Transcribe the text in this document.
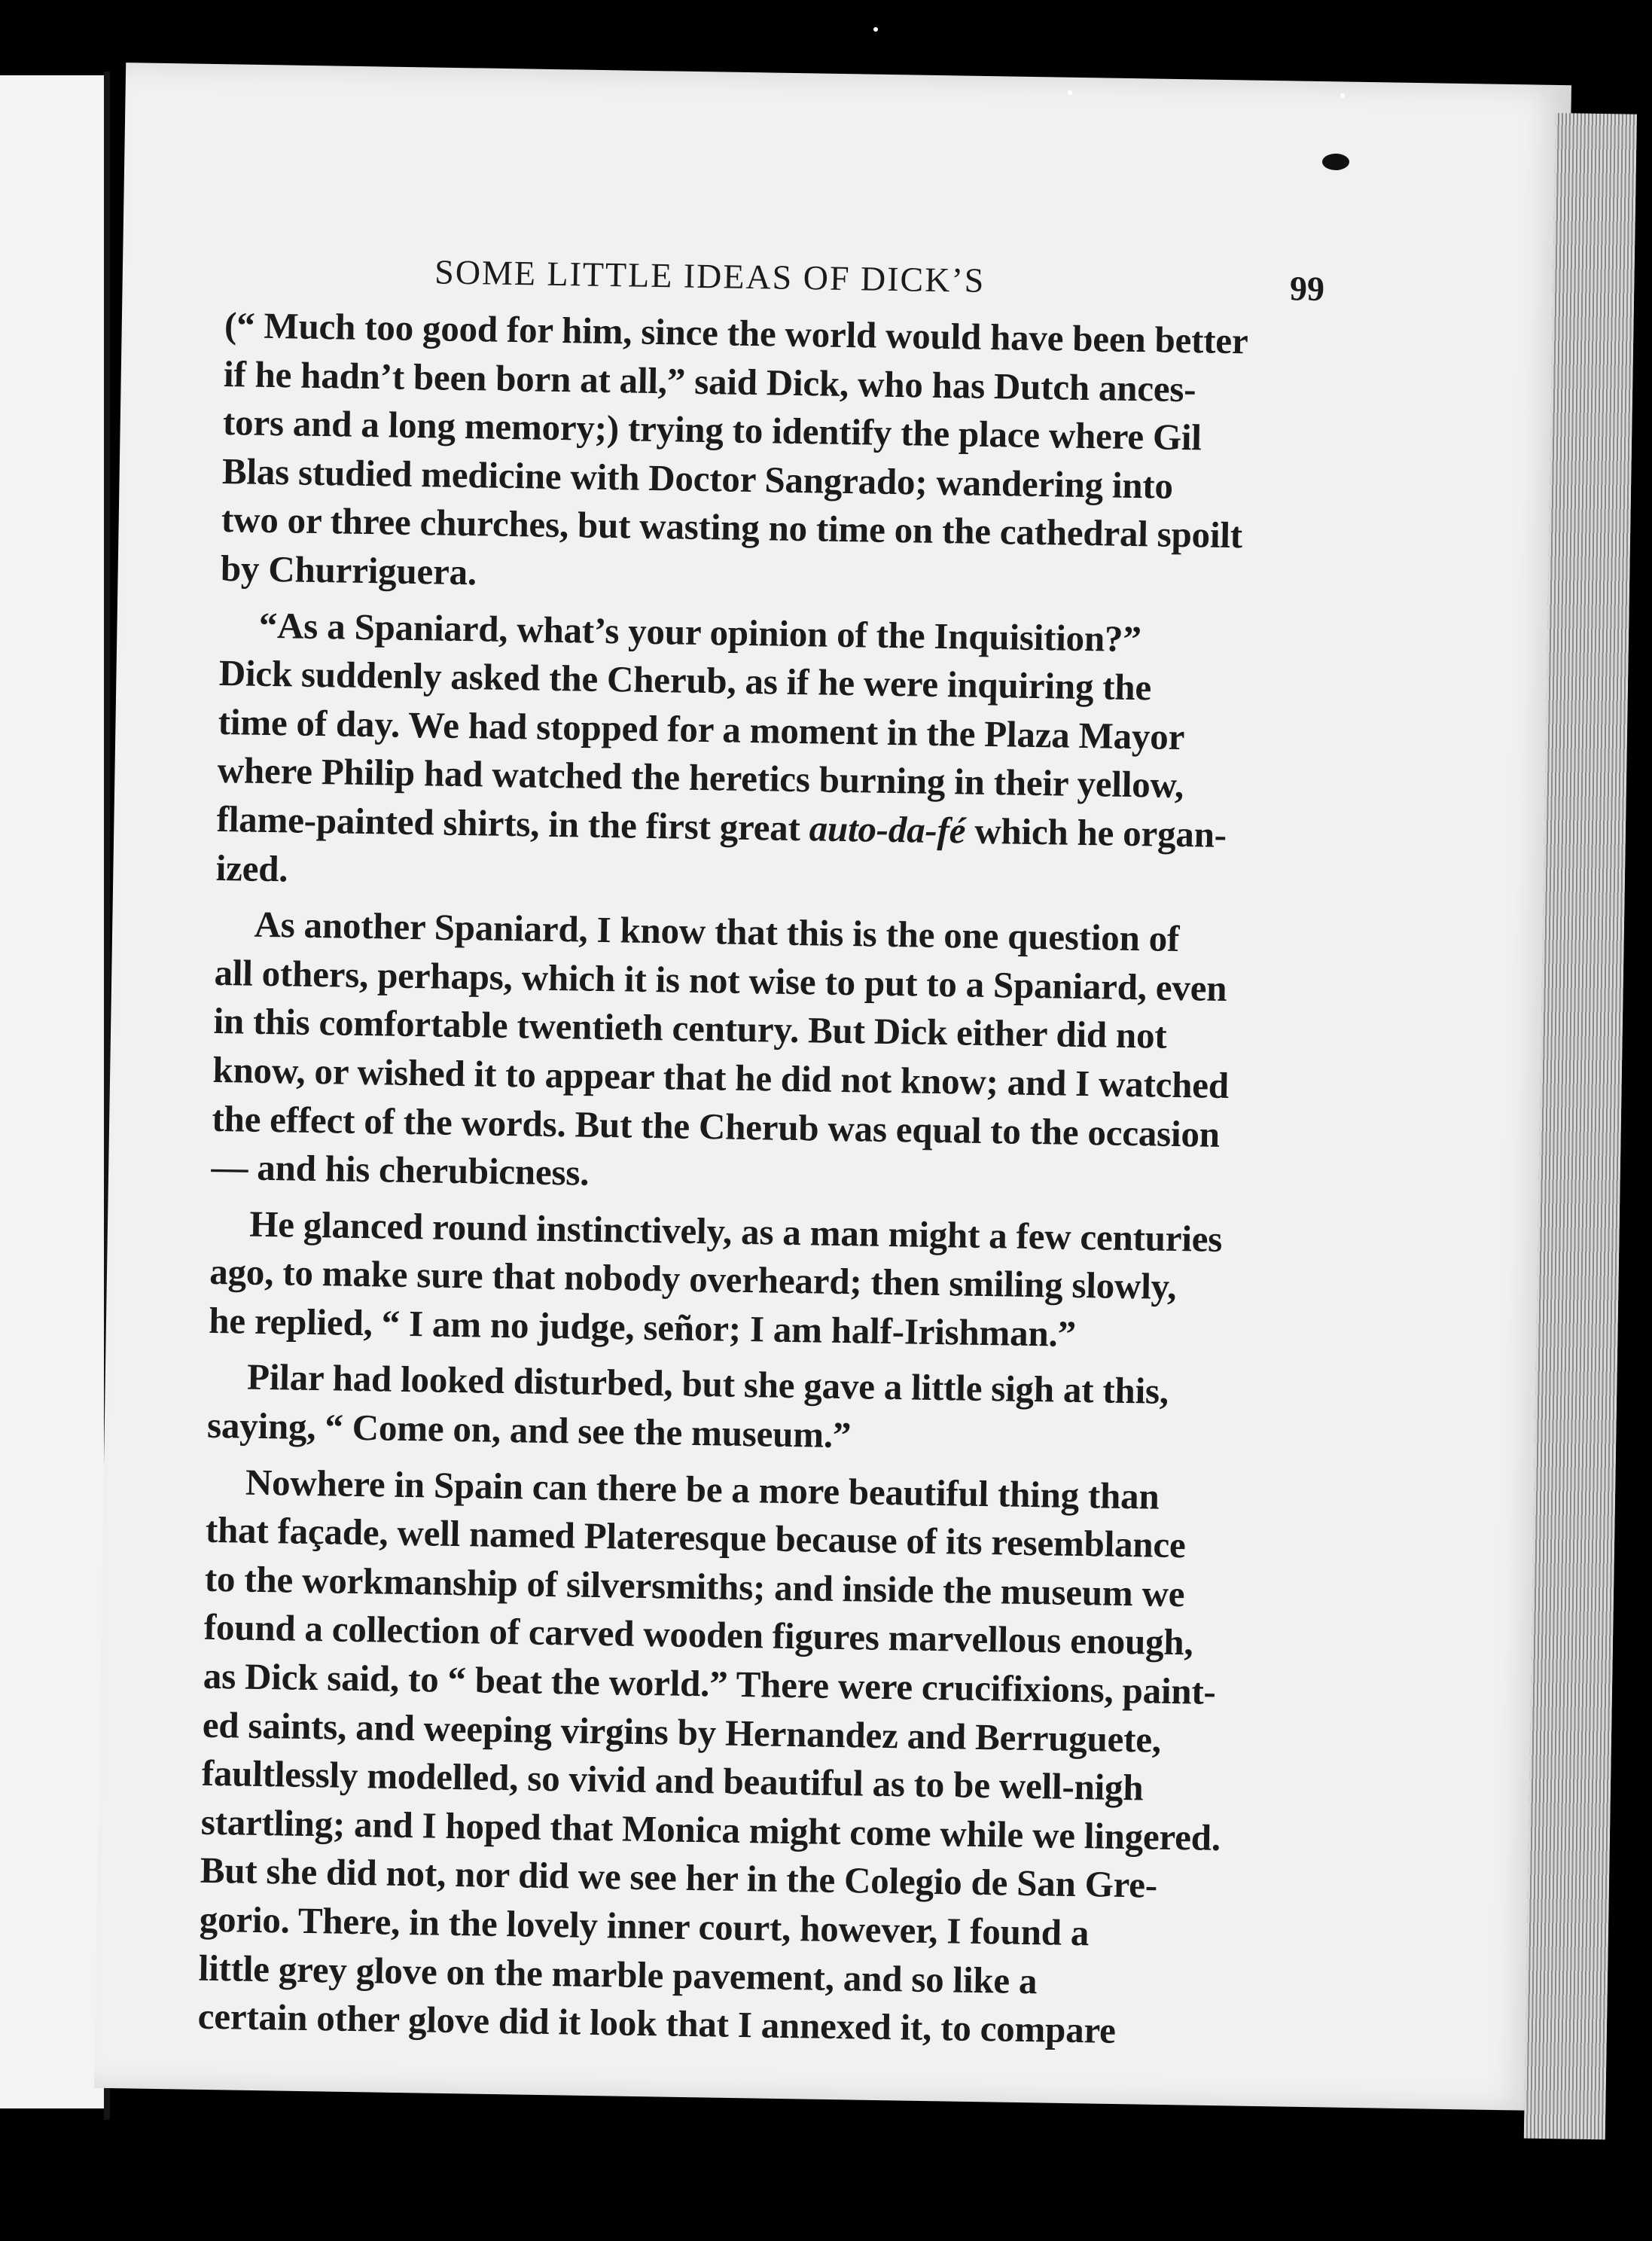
SOME LITTLE IDEAS OF DICK’S	99

(“ Much too good for him, since the world would have been better
if he hadn’t been born at all,” said Dick, who has Dutch ances-
tors and a long memory;) trying to identify the place where Gil
Blas studied medicine with Doctor Sangrado; wandering into
two or three churches, but wasting no time on the cathedral spoilt
by Churriguera.

“As a Spaniard, what’s your opinion of the Inquisition?”
Dick suddenly asked the Cherub, as if he were inquiring the
time of day. We had stopped for a moment in the Plaza Mayor
where Philip had watched the heretics burning in their yellow,
flame-painted shirts, in the first great auto-da-fé which he organ-
ized.

As another Spaniard, I know that this is the one question of
all others, perhaps, which it is not wise to put to a Spaniard, even
in this comfortable twentieth century. But Dick either did not
know, or wished it to appear that he did not know; and I watched
the effect of the words. But the Cherub was equal to the occasion
— and his cherubicness.

He glanced round instinctively, as a man might a few centuries
ago, to make sure that nobody overheard; then smiling slowly,
he replied, “ I am no judge, señor; I am half-Irishman.”

Pilar had looked disturbed, but she gave a little sigh at this,
saying, “ Come on, and see the museum.”

Nowhere in Spain can there be a more beautiful thing than
that façade, well named Plateresque because of its resemblance
to the workmanship of silversmiths; and inside the museum we
found a collection of carved wooden figures marvellous enough,
as Dick said, to “ beat the world.” There were crucifixions, paint-
ed saints, and weeping virgins by Hernandez and Berruguete,
faultlessly modelled, so vivid and beautiful as to be well-nigh
startling; and I hoped that Monica might come while we lingered.
But she did not, nor did we see her in the Colegio de San Gre-
gorio. There, in the lovely inner court, however, I found a
little grey glove on the marble pavement, and so like a
certain other glove did it look that I annexed it, to compare
